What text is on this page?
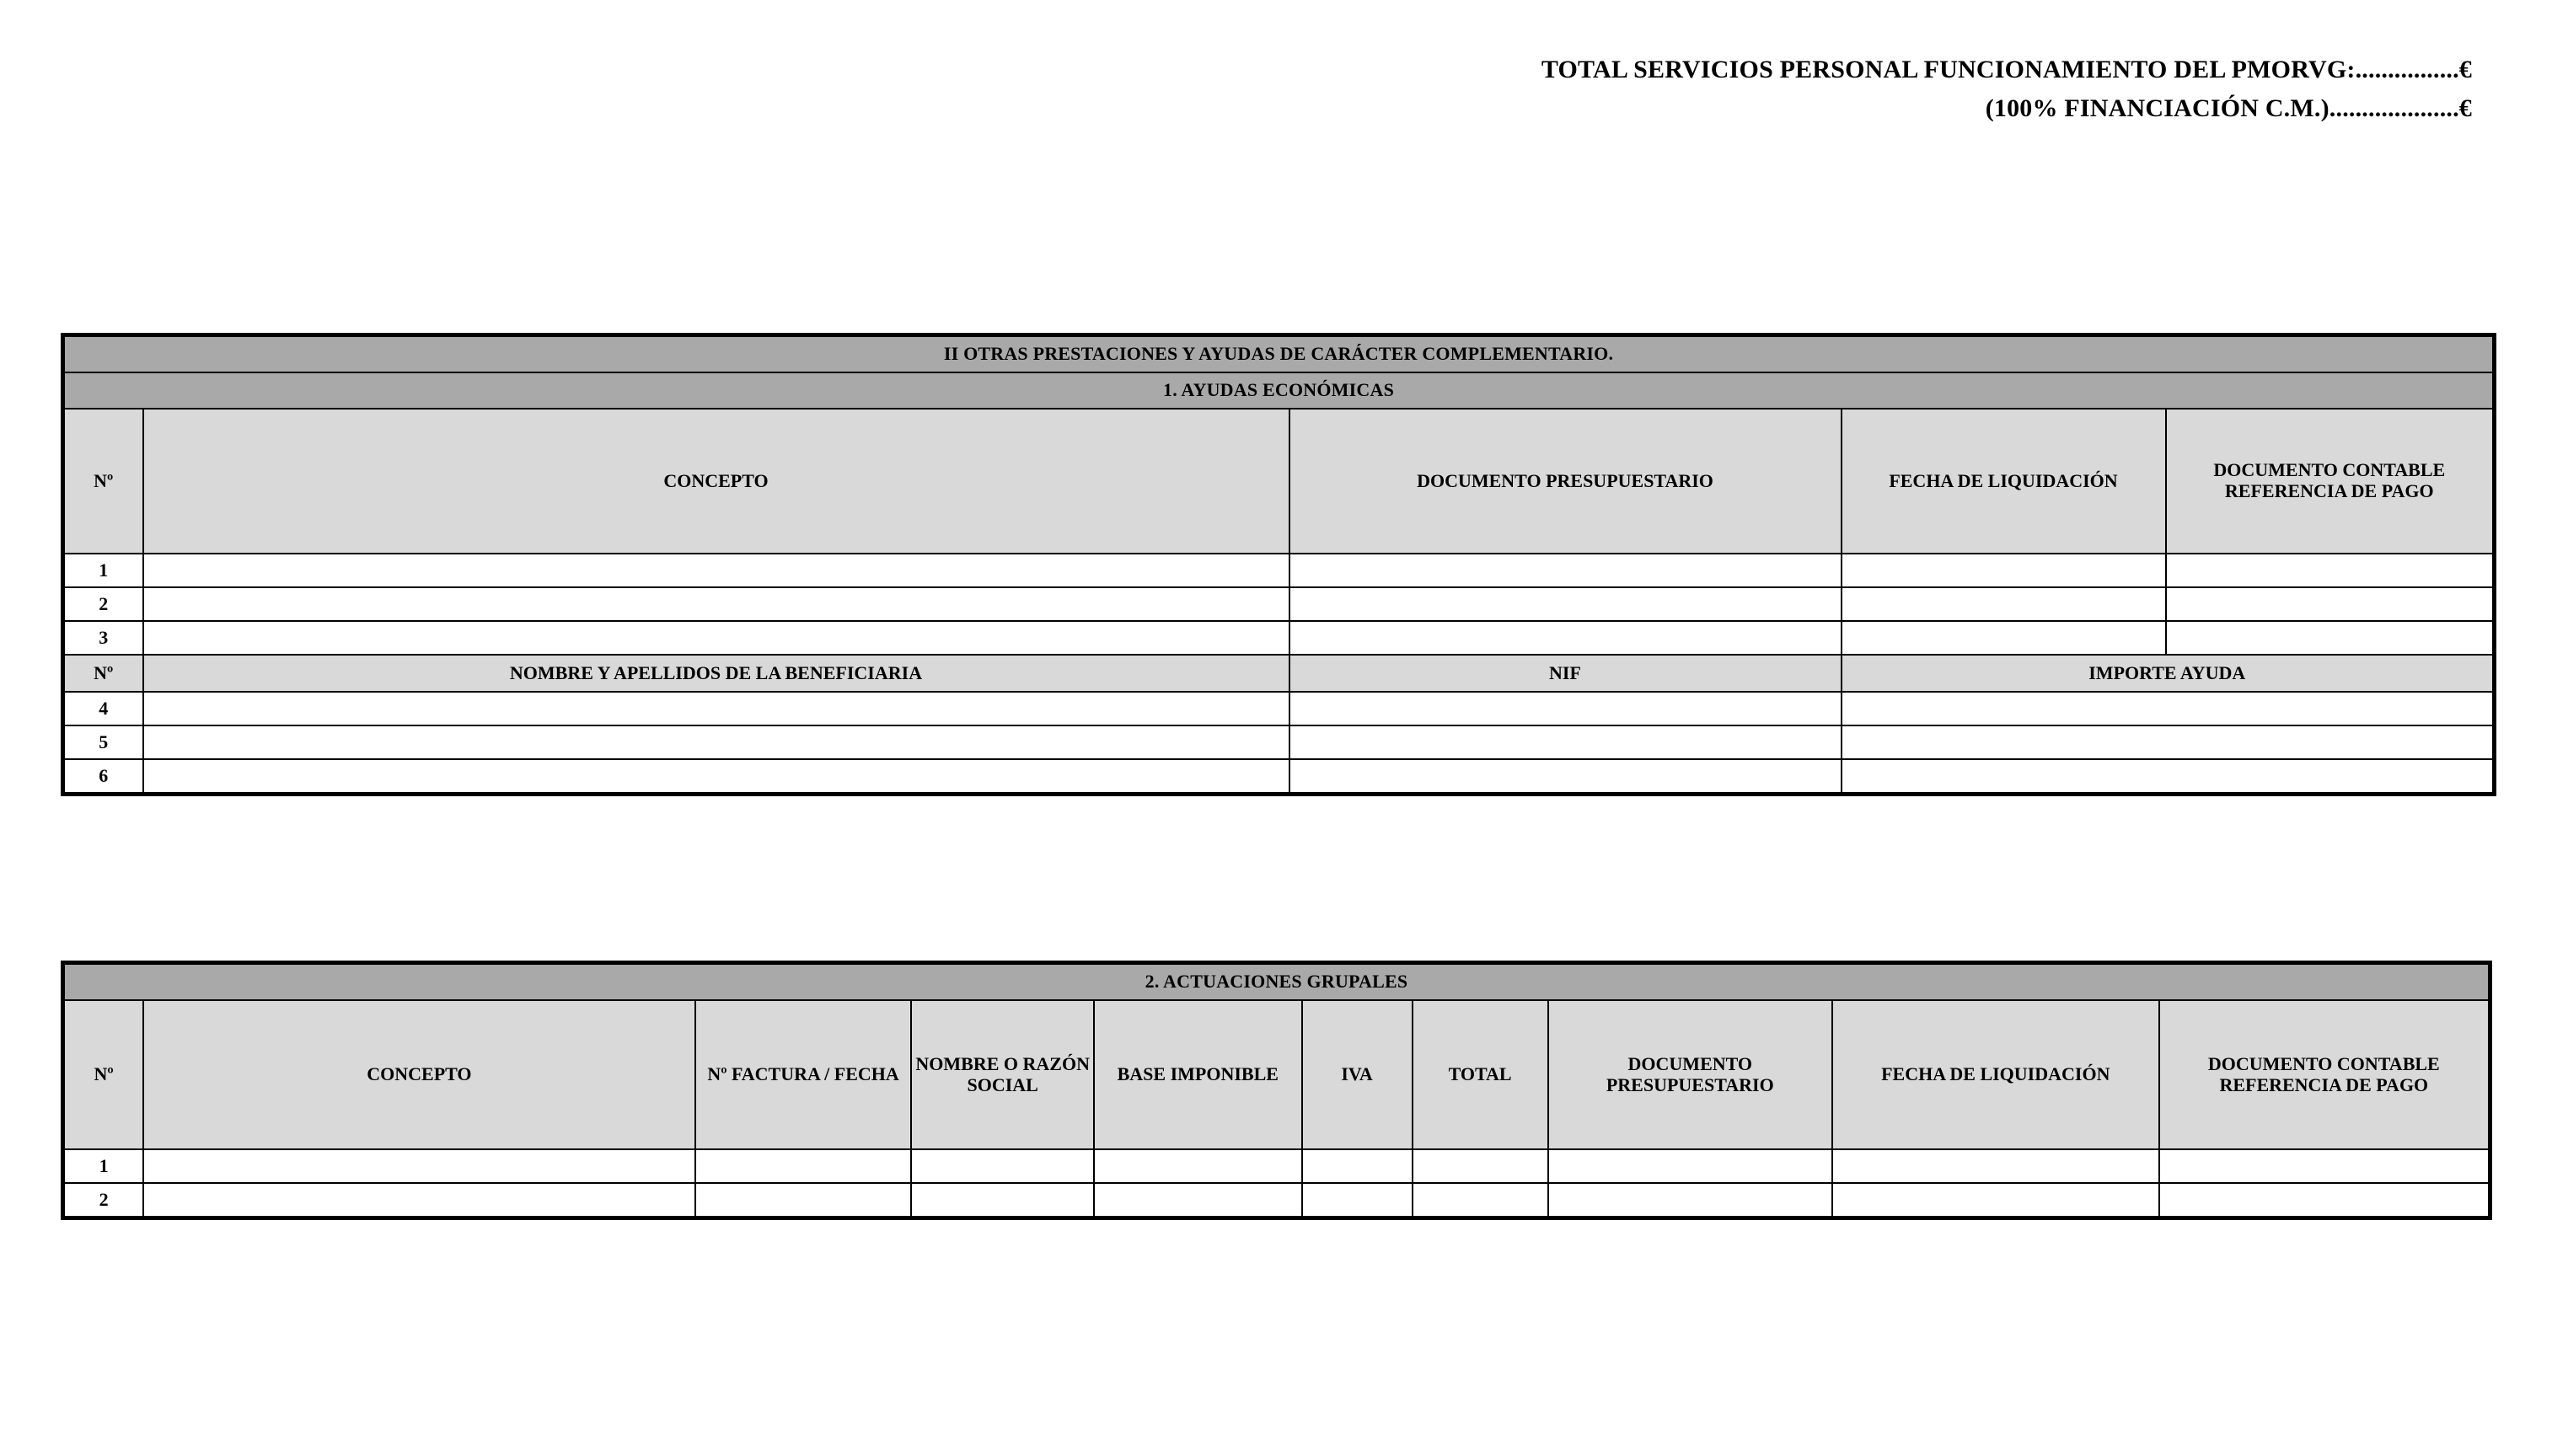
TOTAL SERVICIOS PERSONAL FUNCIONAMIENTO DEL PMORVG:................€
(100% FINANCIACIÓN C.M.)....................€
II OTRAS PRESTACIONES Y AYUDAS DE CARÁCTER COMPLEMENTARIO.				
1. AYUDAS ECONÓMICAS				
Nº	CONCEPTO	DOCUMENTO PRESUPUESTARIO	FECHA DE LIQUIDACIÓN	DOCUMENTO CONTABLE REFERENCIA DE PAGO
1				
2				
3				
Nº	NOMBRE Y APELLIDOS DE LA BENEFICIARIA	NIF	IMPORTE AYUDA	
4				
5				
6				
2. ACTUACIONES GRUPALES									
Nº	CONCEPTO	Nº FACTURA / FECHA	NOMBRE O RAZÓN SOCIAL	BASE IMPONIBLE	IVA	TOTAL	DOCUMENTO PRESUPUESTARIO	FECHA DE LIQUIDACIÓN	DOCUMENTO CONTABLE REFERENCIA DE PAGO
1									
2									
